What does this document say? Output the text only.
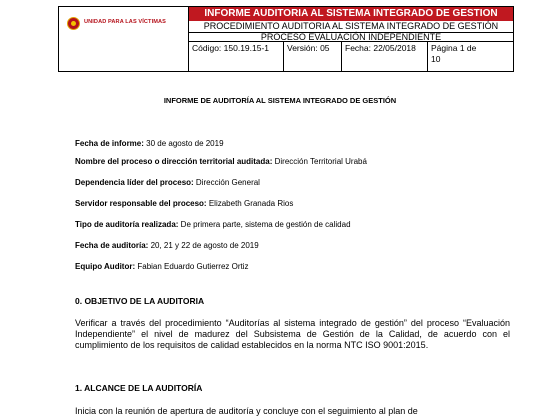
UNIDAD PARA LAS VÍCTIMAS
INFORME AUDITORIA AL SISTEMA INTEGRADO DE GESTION
PROCEDIMIENTO AUDITORIA AL SISTEMA INTEGRADO DE GESTIÓN
PROCESO EVALUACIÓN INDEPENDIENTE
Código: 150.19.15-1	Versión: 05	Fecha: 22/05/2018	Página 1 de
10
INFORME DE AUDITORÍA AL SISTEMA INTEGRADO DE GESTIÓN
Fecha de informe: 30 de agosto de 2019
Nombre del proceso o dirección territorial auditada: Dirección Territorial Urabá
Dependencia líder del proceso: Dirección General
Servidor responsable del proceso: Elizabeth Granada Rios
Tipo de auditoría realizada: De primera parte, sistema de gestión de calidad
Fecha de auditoría: 20, 21 y 22 de agosto de 2019
Equipo Auditor: Fabian Eduardo Gutierrez Ortiz
0. OBJETIVO DE LA AUDITORIA
Verificar a través del procedimiento “Auditorías al sistema integrado de gestión” del proceso “Evaluación Independiente” el nivel de madurez del Subsistema de Gestión de la Calidad, de acuerdo con el cumplimiento de los requisitos de calidad establecidos en la norma NTC ISO 9001:2015.
1. ALCANCE DE LA AUDITORÍA
Inicia con la reunión de apertura de auditoría y concluye con el seguimiento al plan de
